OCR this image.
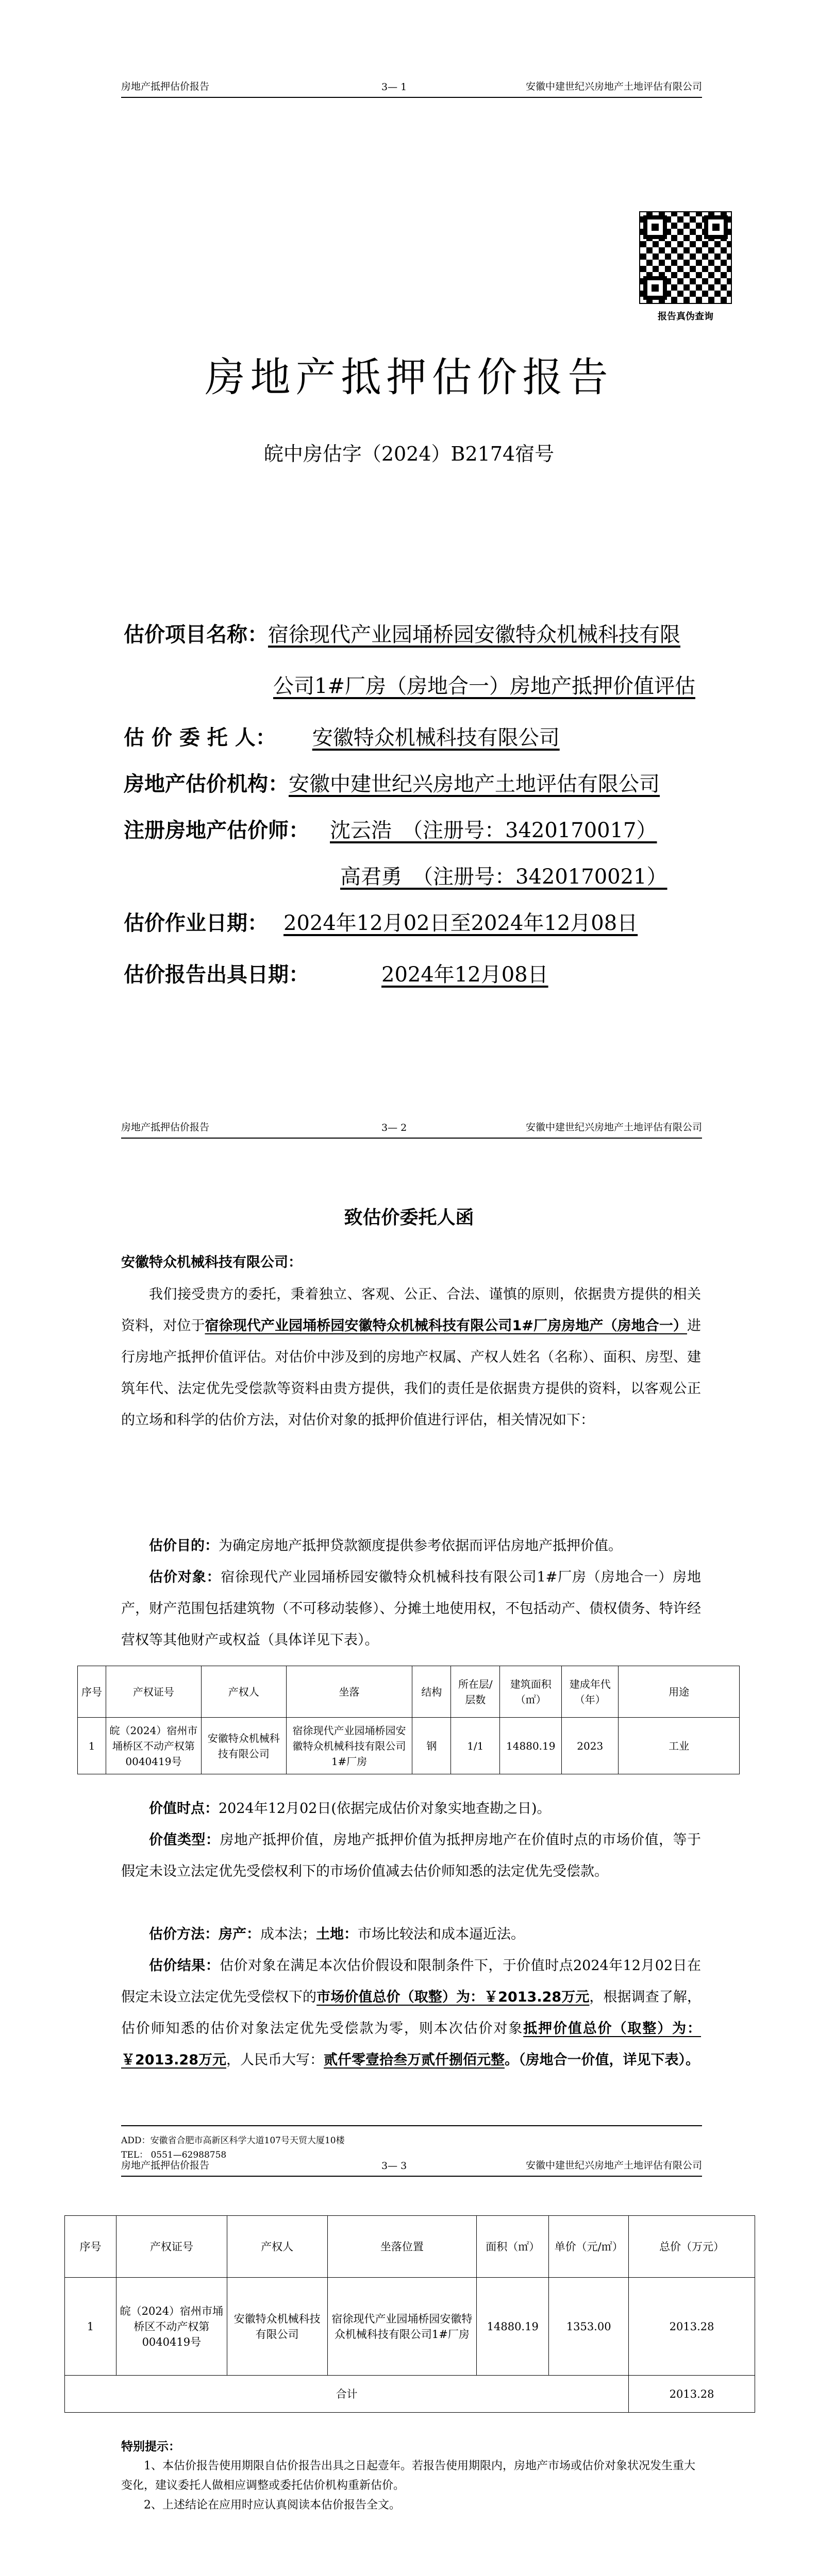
房地产抵押估价报告	3— 1	安徽中建世纪兴房地产土地评估有限公司
报告真伪查询
房地产抵押估价报告
皖中房估字（2024）B2174宿号
估价项目名称：宿徐现代产业园埇桥园安徽特众机械科技有限
公司1#厂房（房地合一）房地产抵押价值评估
估 价 委 托 人： 安徽特众机械科技有限公司
房地产估价机构：安徽中建世纪兴房地产土地评估有限公司
注册房地产估价师： 沈云浩　（注册号：3420170017）
高君勇　（注册号：3420170021）
估价作业日期： 2024年12月02日至2024年12月08日
估价报告出具日期：	2024年12月08日
房地产抵押估价报告	3— 2	安徽中建世纪兴房地产土地评估有限公司
致估价委托人函
安徽特众机械科技有限公司：
我们接受贵方的委托，秉着独立、客观、公正、合法、谨慎的原则，依据贵方提供的相关资料，对位于宿徐现代产业园埇桥园安徽特众机械科技有限公司1#厂房房地产（房地合一）进行房地产抵押价值评估。对估价中涉及到的房地产权属、产权人姓名（名称）、面积、房型、建筑年代、法定优先受偿款等资料由贵方提供，我们的责任是依据贵方提供的资料，以客观公正的立场和科学的估价方法，对估价对象的抵押价值进行评估，相关情况如下：
估价目的：为确定房地产抵押贷款额度提供参考依据而评估房地产抵押价值。
估价对象：宿徐现代产业园埇桥园安徽特众机械科技有限公司1#厂房（房地合一）房地产，财产范围包括建筑物（不可移动装修）、分摊土地使用权，不包括动产、债权债务、特许经营权等其他财产或权益（具体详见下表）。
序号	产权证号	产权人	坐落	结构	所在层/层数	建筑面积（㎡）	建成年代（年）	用途
1	皖（2024）宿州市埇桥区不动产权第0040419号	安徽特众机械科技有限公司	宿徐现代产业园埇桥园安徽特众机械科技有限公司1#厂房	钢	1/1	14880.19	2023	工业
价值时点：2024年12月02日(依据完成估价对象实地查勘之日)。
价值类型：房地产抵押价值，房地产抵押价值为抵押房地产在价值时点的市场价值，等于假定未设立法定优先受偿权利下的市场价值减去估价师知悉的法定优先受偿款。
估价方法：房产：成本法；土地：市场比较法和成本逼近法。
估价结果：估价对象在满足本次估价假设和限制条件下，于价值时点2024年12月02日在假定未设立法定优先受偿权下的市场价值总价（取整）为：￥2013.28万元，根据调查了解，估价师知悉的估价对象法定优先受偿款为零，则本次估价对象抵押价值总价（取整）为：￥2013.28万元，人民币大写：贰仟零壹拾叁万贰仟捌佰元整。（房地合一价值，详见下表）。
ADD：安徽省合肥市高新区科学大道107号天贸大厦10楼
TEL： 0551—62988758
房地产抵押估价报告	3— 3	安徽中建世纪兴房地产土地评估有限公司
序号	产权证号	产权人	坐落位置	面积（㎡）	单价（元/㎡）	总价（万元）
1	皖（2024）宿州市埇桥区不动产权第0040419号	安徽特众机械科技有限公司	宿徐现代产业园埇桥园安徽特众机械科技有限公司1#厂房	14880.19	1353.00	2013.28
合计						2013.28
特别提示：
1、本估价报告使用期限自估价报告出具之日起壹年。若报告使用期限内，房地产市场或估价对象状况发生重大变化，建议委托人做相应调整或委托估价机构重新估价。
2、上述结论在应用时应认真阅读本估价报告全文。
